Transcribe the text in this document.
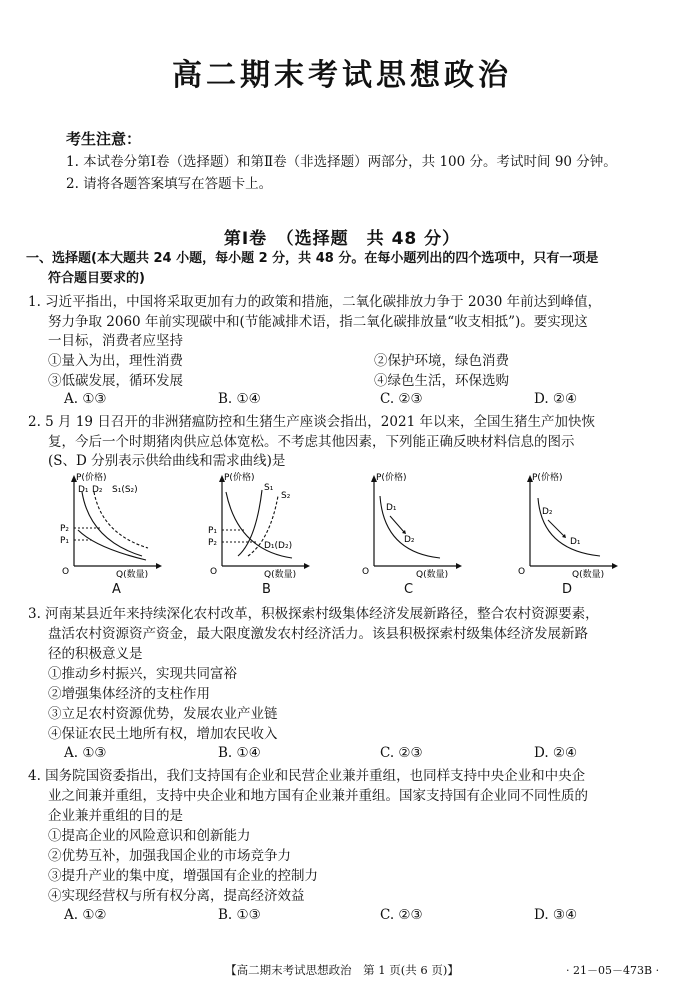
高二期末考试思想政治
考生注意：
1. 本试卷分第Ⅰ卷（选择题）和第Ⅱ卷（非选择题）两部分，共 100 分。考试时间 90 分钟。
2. 请将各题答案填写在答题卡上。
第Ⅰ卷　（选择题　共 48 分）
一、选择题(本大题共 24 小题，每小题 2 分，共 48 分。在每小题列出的四个选项中，只有一项是
符合题目要求的)
1. 习近平指出，中国将采取更加有力的政策和措施，二氧化碳排放力争于 2030 年前达到峰值，
努力争取 2060 年前实现碳中和(节能减排术语，指二氧化碳排放量“收支相抵”)。要实现这
一目标，消费者应坚持
①量入为出，理性消费	②保护环境，绿色消费
③低碳发展，循环发展	④绿色生活，环保选购
A. ①③	B. ①④	C. ②③	D. ②④
2. 5 月 19 日召开的非洲猪瘟防控和生猪生产座谈会指出，2021 年以来，全国生猪生产加快恢
复，今后一个时期猪肉供应总体宽松。不考虑其他因素，下列能正确反映材料信息的图示
(S、D 分别表示供给曲线和需求曲线)是
D₁ D₂ S₁(S₂)
P₂
P₁
P(价格)
Q(数量)
O
A
S₁
S₂
D₁(D₂)
P₁
P₂
P(价格)
Q(数量)
O
B
D₁
D₂
P(价格)
Q(数量)
O
C
D₂
D₁
P(价格)
Q(数量)
O
D
3. 河南某县近年来持续深化农村改革，积极探索村级集体经济发展新路径，整合农村资源要素，
盘活农村资源资产资金，最大限度激发农村经济活力。该县积极探索村级集体经济发展新路
径的积极意义是
①推动乡村振兴，实现共同富裕
②增强集体经济的支柱作用
③立足农村资源优势，发展农业产业链
④保证农民土地所有权，增加农民收入
A. ①③	B. ①④	C. ②③	D. ②④
4. 国务院国资委指出，我们支持国有企业和民营企业兼并重组，也同样支持中央企业和中央企
业之间兼并重组，支持中央企业和地方国有企业兼并重组。国家支持国有企业同不同性质的
企业兼并重组的目的是
①提高企业的风险意识和创新能力
②优势互补，加强我国企业的市场竞争力
③提升产业的集中度，增强国有企业的控制力
④实现经营权与所有权分离，提高经济效益
A. ①②	B. ①③	C. ②③	D. ③④
【高二期末考试思想政治　第 1 页(共 6 页)】	· 21－05－473B ·
